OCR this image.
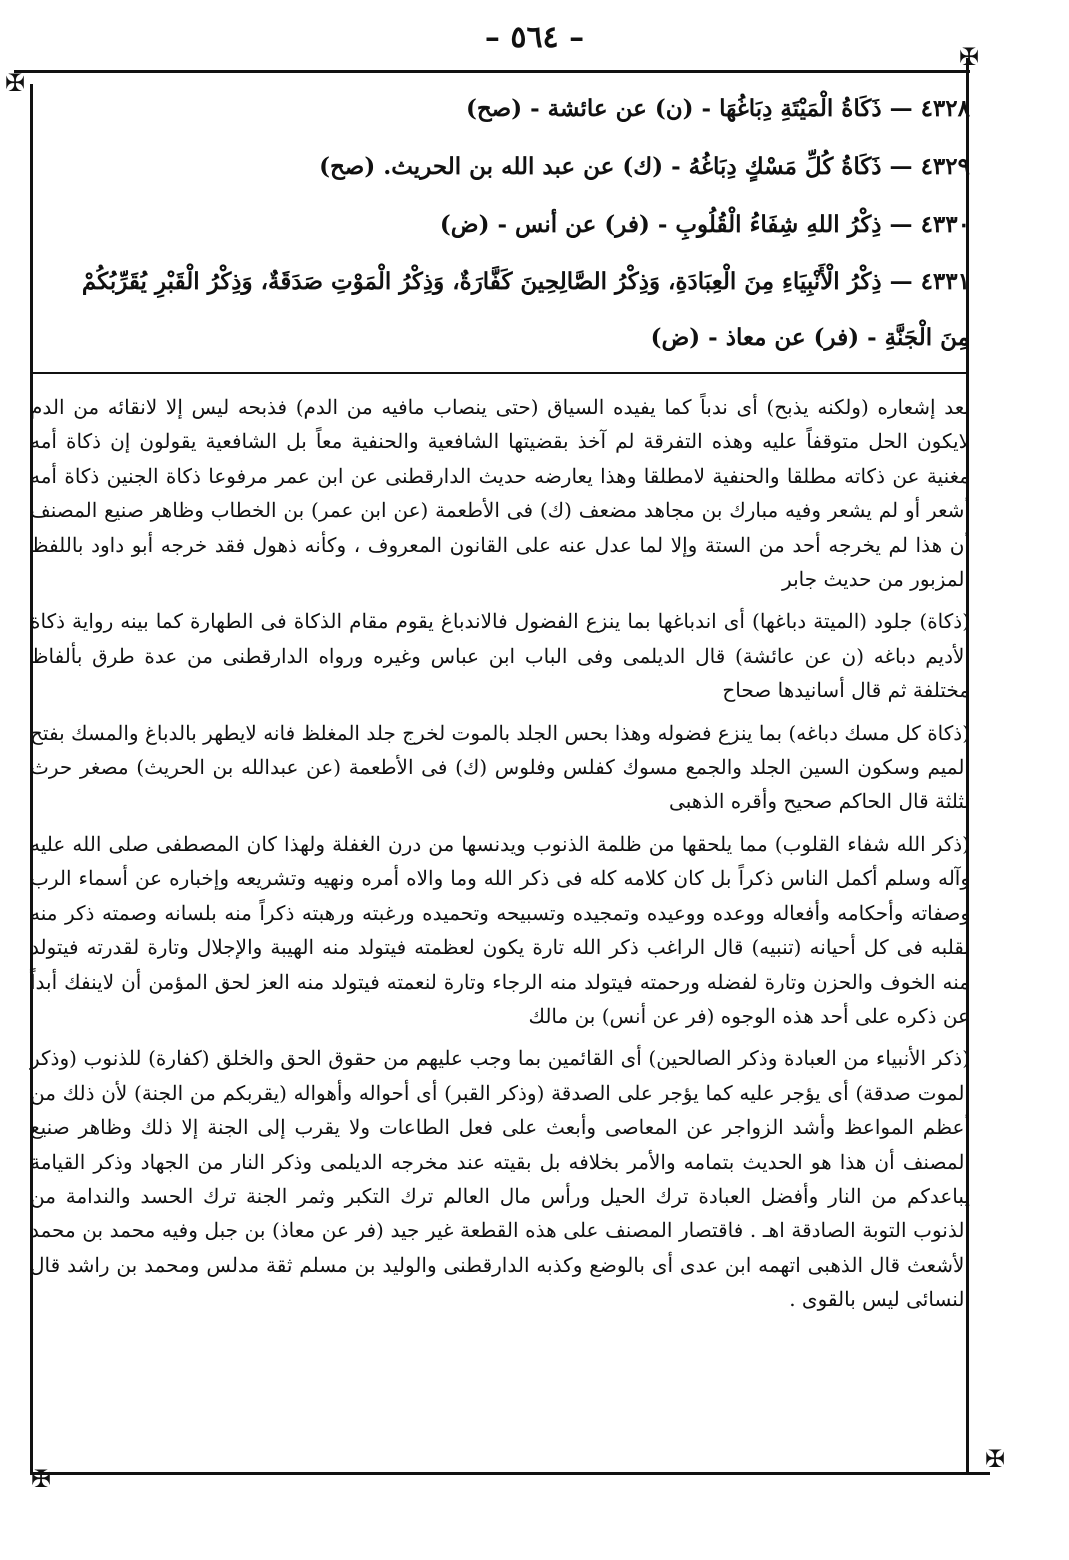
– ٥٦٤ –
✠
✠
✠
✠
٤٣٢٨ — ذَكَاةُ الْمَيْتَةِ دِبَاغُهَا - (ن) عن عائشة - (صح)
٤٣٢٩ — ذَكَاةُ كُلِّ مَسْكٍ دِبَاغُهُ - (ك) عن عبد الله بن الحريث. (صح)
٤٣٣٠ — ذِكْرُ اللهِ شِفَاءُ الْقُلُوبِ - (فر) عن أنس - (ض)
٤٣٣١ — ذِكْرُ الْأَنْبِيَاءِ مِنَ الْعِبَادَةِ، وَذِكْرُ الصَّالِحِينَ كَفَّارَةٌ، وَذِكْرُ الْمَوْتِ صَدَقَةٌ، وَذِكْرُ الْقَبْرِ يُقَرِّبُكُمْ مِنَ الْجَنَّةِ - (فر) عن معاذ - (ض)

بعد إشعاره (ولكنه يذبح) أى ندباً كما يفيده السياق (حتى ينصاب مافيه من الدم) فذبحه ليس إلا لانقائه من الدم لايكون الحل متوقفاً عليه وهذه التفرقة لم آخذ بقضيتها الشافعية والحنفية معاً بل الشافعية يقولون إن ذكاة أمه مغنية عن ذكاته مطلقا والحنفية لامطلقا وهذا يعارضه حديث الدارقطنى عن ابن عمر مرفوعا ذكاة الجنين ذكاة أمه أشعر أو لم يشعر وفيه مبارك بن مجاهد مضعف (ك) فى الأطعمة (عن ابن عمر) بن الخطاب وظاهر صنيع المصنف أن هذا لم يخرجه أحد من الستة وإلا لما عدل عنه على القانون المعروف ، وكأنه ذهول فقد خرجه أبو داود باللفظ المزبور من حديث جابر

(ذكاة) جلود (الميتة دباغها) أى اندباغها بما ينزع الفضول فالاندباغ يقوم مقام الذكاة فى الطهارة كما بينه رواية ذكاة الأديم دباغه (ن عن عائشة) قال الديلمى وفى الباب ابن عباس وغيره ورواه الدارقطنى من عدة طرق بألفاظ مختلفة ثم قال أسانيدها صحاح

(ذكاة كل مسك دباغه) بما ينزع فضوله وهذا بحس الجلد بالموت لخرج جلد المغلظ فانه لايطهر بالدباغ والمسك بفتح الميم وسكون السين الجلد والجمع مسوك كفلس وفلوس (ك) فى الأطعمة (عن عبدالله بن الحريث) مصغر حرث بثلثة قال الحاكم صحيح وأقره الذهبى

(ذكر الله شفاء القلوب) مما يلحقها من ظلمة الذنوب ويدنسها من درن الغفلة ولهذا كان المصطفى صلى الله عليه وآله وسلم أكمل الناس ذكراً بل كان كلامه كله فى ذكر الله وما والاه أمره ونهيه وتشريعه وإخباره عن أسماء الرب وصفاته وأحكامه وأفعاله ووعده ووعيده وتمجيده وتسبيحه وتحميده ورغبته ورهبته ذكراً منه بلسانه وصمته ذكر منه بقلبه فى كل أحيانه (تنبيه) قال الراغب ذكر الله تارة يكون لعظمته فيتولد منه الهيبة والإجلال وتارة لقدرته فيتولد منه الخوف والحزن وتارة لفضله ورحمته فيتولد منه الرجاء وتارة لنعمته فيتولد منه العز لحق المؤمن أن لاينفك أبداً عن ذكره على أحد هذه الوجوه (فر عن أنس) بن مالك

(ذكر الأنبياء من العبادة وذكر الصالحين) أى القائمين بما وجب عليهم من حقوق الحق والخلق (كفارة) للذنوب (وذكر الموت صدقة) أى يؤجر عليه كما يؤجر على الصدقة (وذكر القبر) أى أحواله وأهواله (يقربكم من الجنة) لأن ذلك من أعظم المواعظ وأشد الزواجر عن المعاصى وأبعث على فعل الطاعات ولا يقرب إلى الجنة إلا ذلك وظاهر صنيع المصنف أن هذا هو الحديث بتمامه والأمر بخلافه بل بقيته عند مخرجه الديلمى وذكر النار من الجهاد وذكر القيامة يباعدكم من النار وأفضل العبادة ترك الحيل ورأس مال العالم ترك التكبر وثمر الجنة ترك الحسد والندامة من الذنوب التوبة الصادقة اهـ . فاقتصار المصنف على هذه القطعة غير جيد (فر عن معاذ) بن جبل وفيه محمد بن محمد الأشعث قال الذهبى اتهمه ابن عدى أى بالوضع وكذبه الدارقطنى والوليد بن مسلم ثقة مدلس ومحمد بن راشد قال النسائى ليس بالقوى .
